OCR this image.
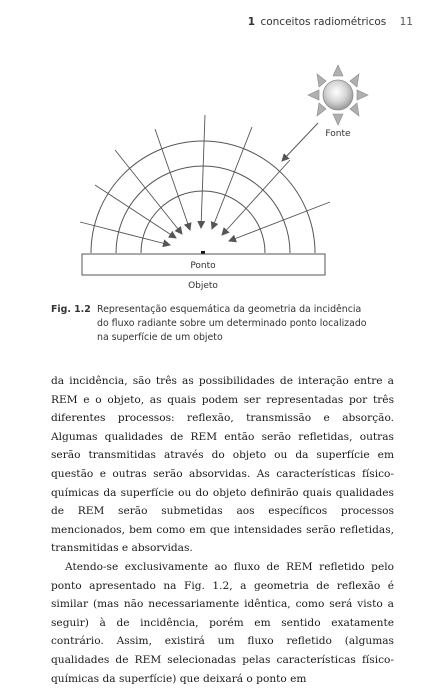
1 conceitos radiométricos 11
Fonte
Ponto
Objeto
Fig. 1.2 Representação esquemática da geometria da incidência do fluxo radiante sobre um determinado ponto localizado na superfície de um objeto

da incidência, são três as possibilidades de interação entre a REM e o objeto, as quais podem ser representadas por três diferentes processos: reflexão, transmissão e absorção. Algumas qualidades de REM então serão refletidas, outras serão transmitidas através do objeto ou da superfície em questão e outras serão absorvidas. As características físico-químicas da superfície ou do objeto definirão quais qualidades de REM serão submetidas aos específicos processos mencionados, bem como em que intensidades serão refletidas, transmitidas e absorvidas.

Atendo-se exclusivamente ao fluxo de REM refletido pelo ponto apresentado na Fig. 1.2, a geometria de reflexão é similar (mas não necessariamente idêntica, como será visto a seguir) à de incidência, porém em sentido exatamente contrário. Assim, existirá um fluxo refletido (algumas qualidades de REM selecionadas pelas características físico-químicas da superfície) que deixará o ponto em
